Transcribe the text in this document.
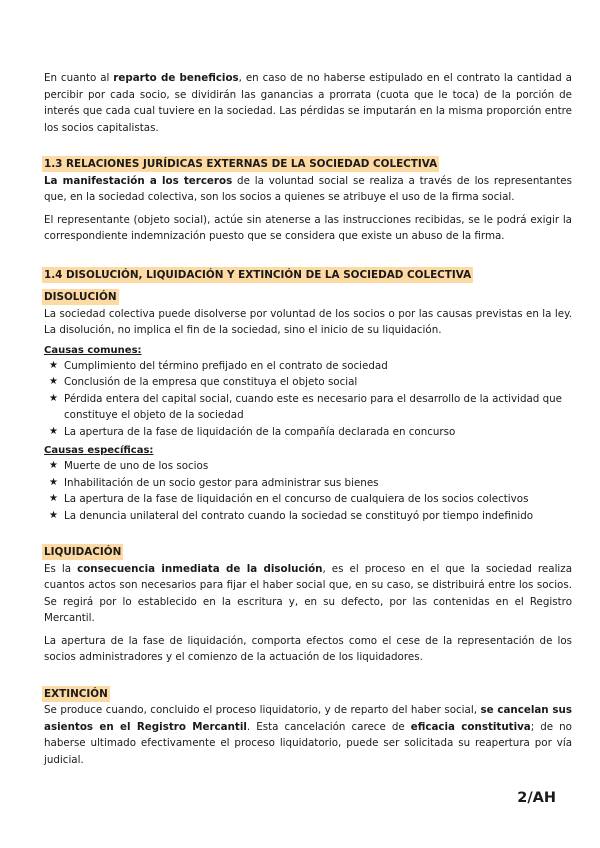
En cuanto al reparto de beneficios, en caso de no haberse estipulado en el contrato la cantidad a percibir por cada socio, se dividirán las ganancias a prorrata (cuota que le toca) de la porción de interés que cada cual tuviere en la sociedad. Las pérdidas se imputarán en la misma proporción entre los socios capitalistas.

1.3 RELACIONES JURÍDICAS EXTERNAS DE LA SOCIEDAD COLECTIVA

La manifestación a los terceros de la voluntad social se realiza a través de los representantes que, en la sociedad colectiva, son los socios a quienes se atribuye el uso de la firma social.

El representante (objeto social), actúe sin atenerse a las instrucciones recibidas, se le podrá exigir la correspondiente indemnización puesto que se considera que existe un abuso de la firma.

1.4 DISOLUCIÓN, LIQUIDACIÓN Y EXTINCIÓN DE LA SOCIEDAD COLECTIVA
DISOLUCIÓN

La sociedad colectiva puede disolverse por voluntad de los socios o por las causas previstas en la ley. La disolución, no implica el fin de la sociedad, sino el inicio de su liquidación.

Causas comunes:
★ Cumplimiento del término prefijado en el contrato de sociedad
★ Conclusión de la empresa que constituya el objeto social
★ Pérdida entera del capital social, cuando este es necesario para el desarrollo de la actividad que constituye el objeto de la sociedad
★ La apertura de la fase de liquidación de la compañía declarada en concurso
Causas específicas:
★ Muerte de uno de los socios
★ Inhabilitación de un socio gestor para administrar sus bienes
★ La apertura de la fase de liquidación en el concurso de cualquiera de los socios colectivos
★ La denuncia unilateral del contrato cuando la sociedad se constituyó por tiempo indefinido
LIQUIDACIÓN

Es la consecuencia inmediata de la disolución, es el proceso en el que la sociedad realiza cuantos actos son necesarios para fijar el haber social que, en su caso, se distribuirá entre los socios. Se regirá por lo establecido en la escritura y, en su defecto, por las contenidas en el Registro Mercantil.

La apertura de la fase de liquidación, comporta efectos como el cese de la representación de los socios administradores y el comienzo de la actuación de los liquidadores.

EXTINCIÓN

Se produce cuando, concluido el proceso liquidatorio, y de reparto del haber social, se cancelan sus asientos en el Registro Mercantil. Esta cancelación carece de eficacia constitutiva; de no haberse ultimado efectivamente el proceso liquidatorio, puede ser solicitada su reapertura por vía judicial.

2/AH
